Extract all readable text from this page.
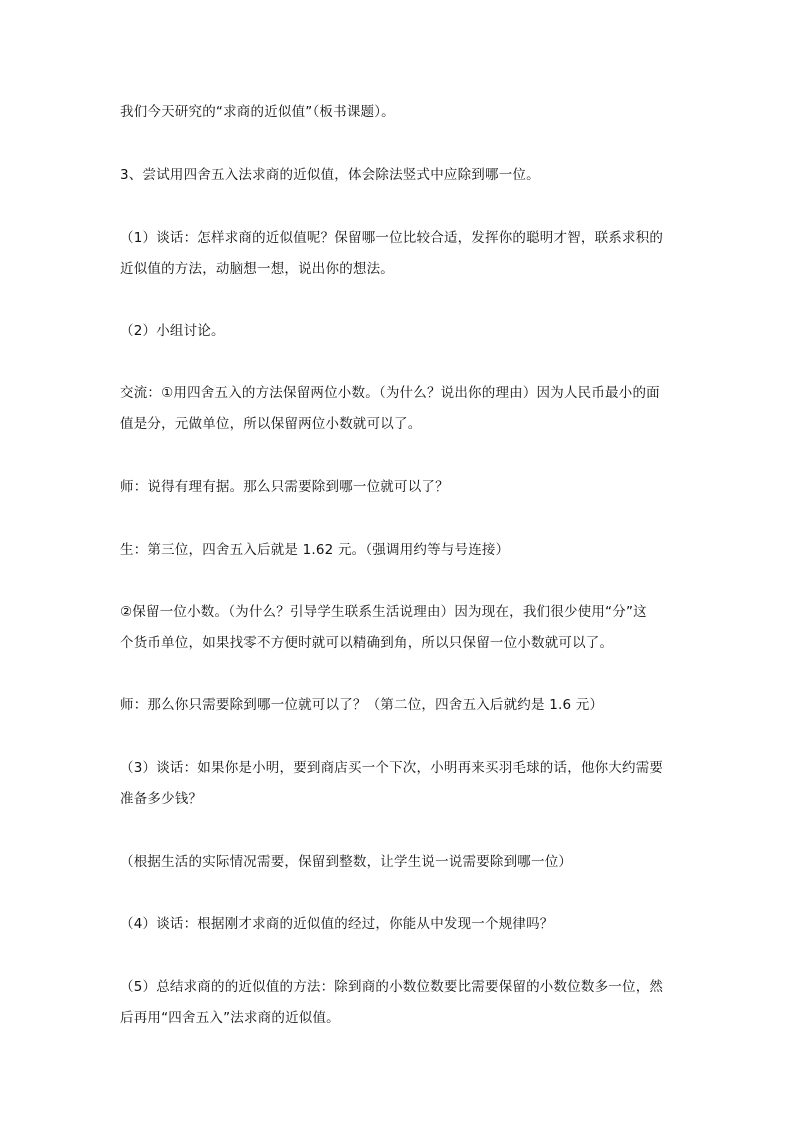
我们今天研究的“求商的近似值”（板书课题）。

3、尝试用四舍五入法求商的近似值，体会除法竖式中应除到哪一位。

（1）谈话：怎样求商的近似值呢？保留哪一位比较合适，发挥你的聪明才智，联系求积的
近似值的方法，动脑想一想，说出你的想法。

（2）小组讨论。

交流：①用四舍五入的方法保留两位小数。（为什么？说出你的理由）因为人民币最小的面
值是分，元做单位，所以保留两位小数就可以了。

师：说得有理有据。那么只需要除到哪一位就可以了？

生：第三位，四舍五入后就是 1.62 元。（强调用约等与号连接）

②保留一位小数。（为什么？引导学生联系生活说理由）因为现在，我们很少使用“分”这
个货币单位，如果找零不方便时就可以精确到角，所以只保留一位小数就可以了。

师：那么你只需要除到哪一位就可以了？（第二位，四舍五入后就约是 1.6 元）

（3）谈话：如果你是小明，要到商店买一个下次，小明再来买羽毛球的话，他你大约需要
准备多少钱？

（根据生活的实际情况需要，保留到整数，让学生说一说需要除到哪一位）

（4）谈话：根据刚才求商的近似值的经过，你能从中发现一个规律吗？

（5）总结求商的的近似值的方法：除到商的小数位数要比需要保留的小数位数多一位，然
后再用“四舍五入”法求商的近似值。
